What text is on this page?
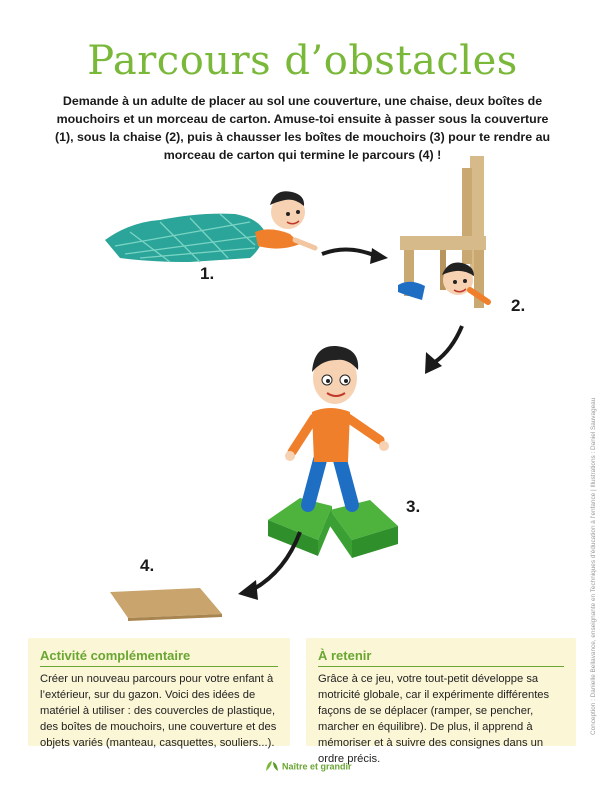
Parcours d’obstacles
Demande à un adulte de placer au sol une couverture, une chaise, deux boîtes de mouchoirs et un morceau de carton. Amuse-toi ensuite à passer sous la couverture (1), sous la chaise (2), puis à chausser les boîtes de mouchoirs (3) pour te rendre au morceau de carton qui termine le parcours (4) !
1.
2.
3.
4.	Conception : Danielle Bellavance, enseignante en Techniques d’éducation à l’enfance | Illustrations : Daniel Sauvageau
Activité complémentaire

Créer un nouveau parcours pour votre enfant à l’extérieur, sur du gazon. Voici des idées de matériel à utiliser : des couvercles de plastique, des boîtes de mouchoirs, une couverture et des objets variés (manteau, casquettes, souliers...).

À retenir

Grâce à ce jeu, votre tout-petit développe sa motricité globale, car il expérimente différentes façons de se déplacer (ramper, se pencher, marcher en équilibre). De plus, il apprend à mémoriser et à suivre des consignes dans un ordre précis.

Naître et grandir
